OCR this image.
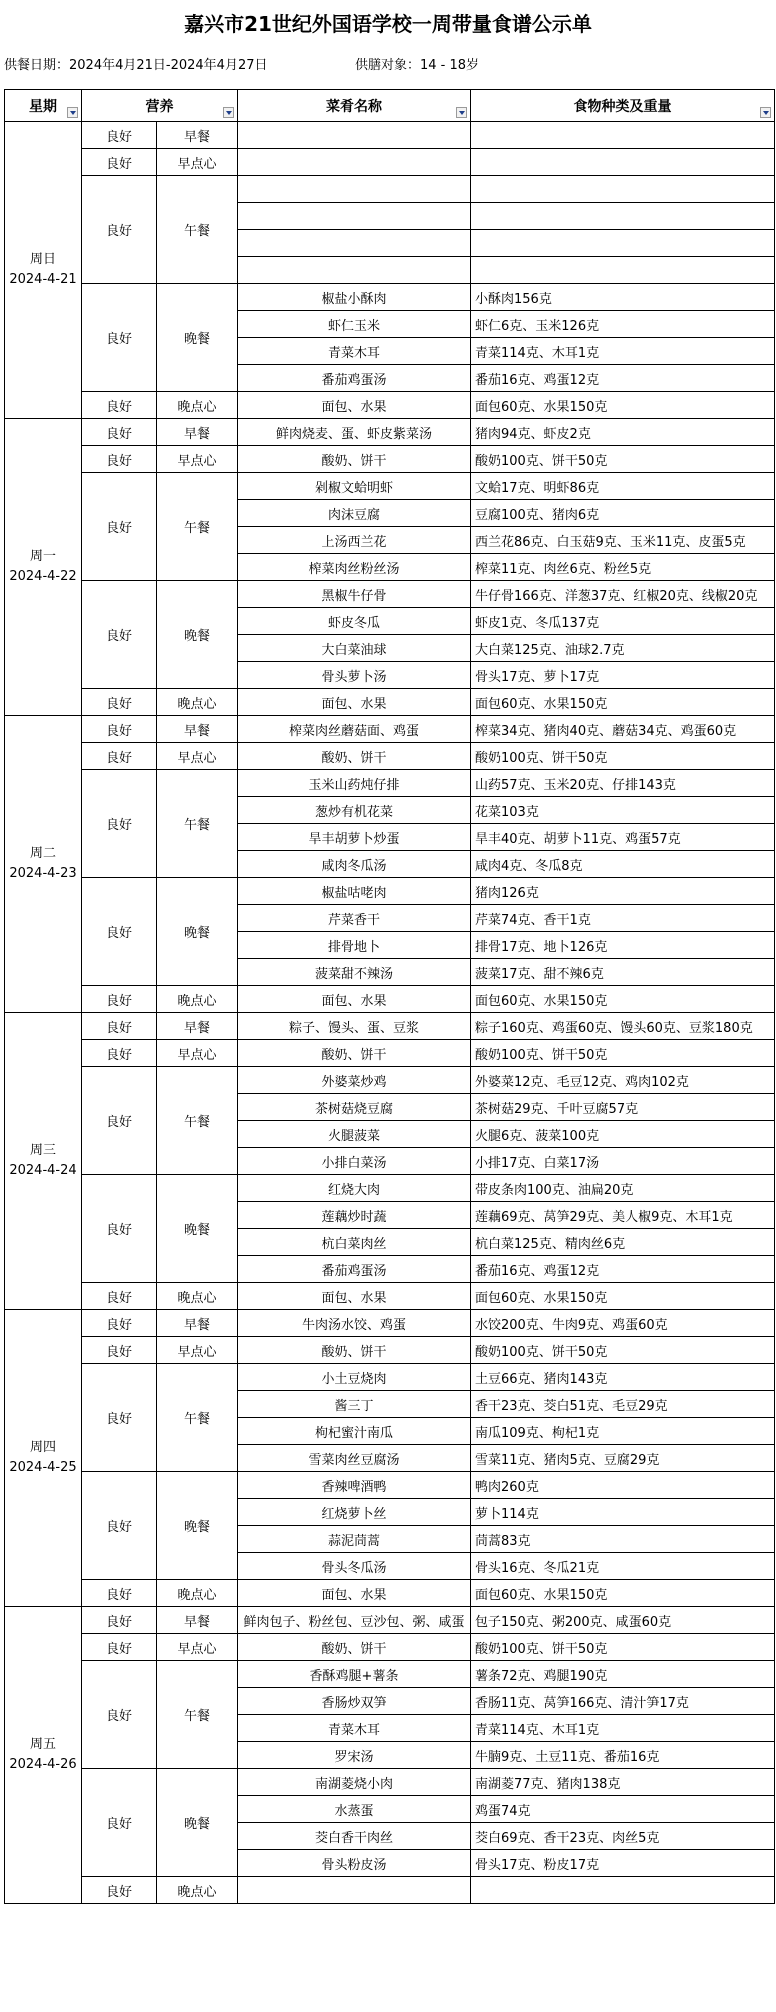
嘉兴市21世纪外国语学校一周带量食谱公示单
供餐日期：2024年4月21日-2024年4月27日	供膳对象：14 - 18岁
星期	营养		菜肴名称	食物种类及重量

周日
2024-4-21	良好	早餐		
	良好	早点心		
	良好	午餐		

	良好	晚餐	椒盐小酥肉	小酥肉156克
			虾仁玉米	虾仁6克、玉米126克
			青菜木耳	青菜114克、木耳1克
			番茄鸡蛋汤	番茄16克、鸡蛋12克
	良好	晚点心	面包、水果	面包60克、水果150克

周一
2024-4-22	良好	早餐	鲜肉烧麦、蛋、虾皮紫菜汤	猪肉94克、虾皮2克
	良好	早点心	酸奶、饼干	酸奶100克、饼干50克
	良好	午餐	剁椒文蛤明虾	文蛤17克、明虾86克
			肉沫豆腐	豆腐100克、猪肉6克
			上汤西兰花	西兰花86克、白玉菇9克、玉米11克、皮蛋5克
			榨菜肉丝粉丝汤	榨菜11克、肉丝6克、粉丝5克
	良好	晚餐	黑椒牛仔骨	牛仔骨166克、洋葱37克、红椒20克、线椒20克
			虾皮冬瓜	虾皮1克、冬瓜137克
			大白菜油球	大白菜125克、油球2.7克
			骨头萝卜汤	骨头17克、萝卜17克
	良好	晚点心	面包、水果	面包60克、水果150克

周二
2024-4-23	良好	早餐	榨菜肉丝蘑菇面、鸡蛋	榨菜34克、猪肉40克、蘑菇34克、鸡蛋60克
	良好	早点心	酸奶、饼干	酸奶100克、饼干50克
	良好	午餐	玉米山药炖仔排	山药57克、玉米20克、仔排143克
			葱炒有机花菜	花菜103克
			旱丰胡萝卜炒蛋	旱丰40克、胡萝卜11克、鸡蛋57克
			咸肉冬瓜汤	咸肉4克、冬瓜8克
	良好	晚餐	椒盐咕咾肉	猪肉126克
			芹菜香干	芹菜74克、香干1克
			排骨地卜	排骨17克、地卜126克
			菠菜甜不辣汤	菠菜17克、甜不辣6克
	良好	晚点心	面包、水果	面包60克、水果150克

周三
2024-4-24	良好	早餐	粽子、馒头、蛋、豆浆	粽子160克、鸡蛋60克、馒头60克、豆浆180克
	良好	早点心	酸奶、饼干	酸奶100克、饼干50克
	良好	午餐	外婆菜炒鸡	外婆菜12克、毛豆12克、鸡肉102克
			茶树菇烧豆腐	茶树菇29克、千叶豆腐57克
			火腿菠菜	火腿6克、菠菜100克
			小排白菜汤	小排17克、白菜17汤
	良好	晚餐	红烧大肉	带皮条肉100克、油扁20克
			莲藕炒时蔬	莲藕69克、莴笋29克、美人椒9克、木耳1克
			杭白菜肉丝	杭白菜125克、精肉丝6克
			番茄鸡蛋汤	番茄16克、鸡蛋12克
	良好	晚点心	面包、水果	面包60克、水果150克

周四
2024-4-25	良好	早餐	牛肉汤水饺、鸡蛋	水饺200克、牛肉9克、鸡蛋60克
	良好	早点心	酸奶、饼干	酸奶100克、饼干50克
	良好	午餐	小土豆烧肉	土豆66克、猪肉143克
			酱三丁	香干23克、茭白51克、毛豆29克
			枸杞蜜汁南瓜	南瓜109克、枸杞1克
			雪菜肉丝豆腐汤	雪菜11克、猪肉5克、豆腐29克
	良好	晚餐	香辣啤酒鸭	鸭肉260克
			红烧萝卜丝	萝卜114克
			蒜泥茼蒿	茼蒿83克
			骨头冬瓜汤	骨头16克、冬瓜21克
	良好	晚点心	面包、水果	面包60克、水果150克

周五
2024-4-26	良好	早餐	鲜肉包子、粉丝包、豆沙包、粥、咸蛋	包子150克、粥200克、咸蛋60克
	良好	早点心	酸奶、饼干	酸奶100克、饼干50克
	良好	午餐	香酥鸡腿+薯条	薯条72克、鸡腿190克
			香肠炒双笋	香肠11克、莴笋166克、清汁笋17克
			青菜木耳	青菜114克、木耳1克
			罗宋汤	牛腩9克、土豆11克、番茄16克
	良好	晚餐	南湖菱烧小肉	南湖菱77克、猪肉138克
			水蒸蛋	鸡蛋74克
			茭白香干肉丝	茭白69克、香干23克、肉丝5克
			骨头粉皮汤	骨头17克、粉皮17克
	良好	晚点心		
